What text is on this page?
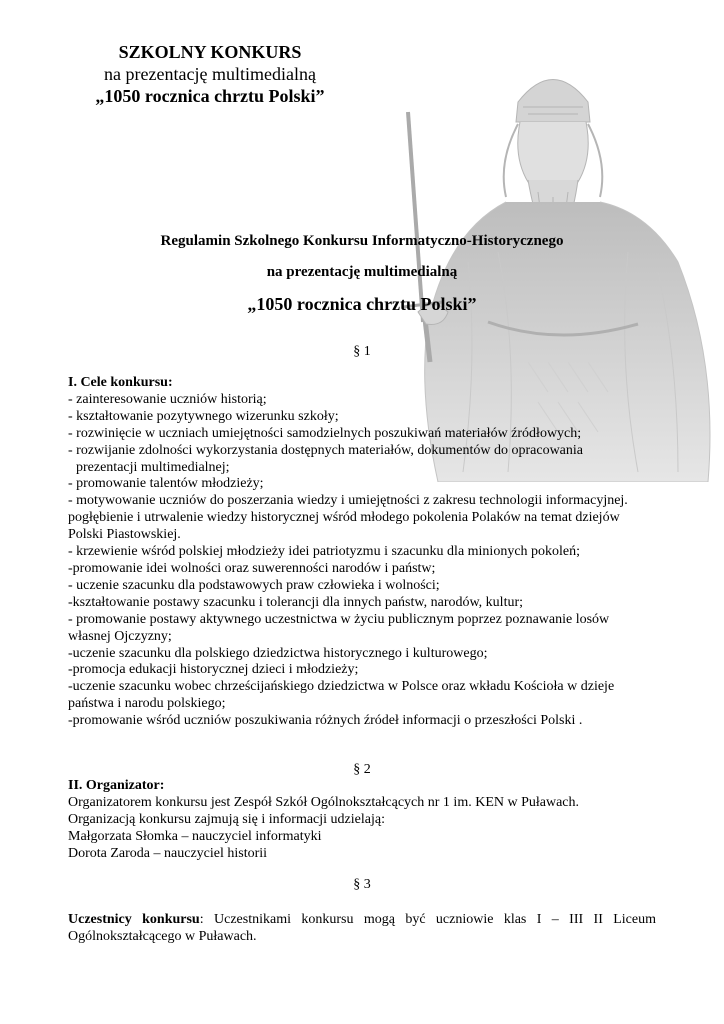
SZKOLNY KONKURS
na prezentację multimedialną
„1050 rocznica chrztu Polski”
Regulamin Szkolnego Konkursu Informatyczno-Historycznego
na prezentację multimedialną
„1050 rocznica chrztu Polski”
§ 1
I. Cele konkursu:
- zainteresowanie uczniów historią;
- kształtowanie pozytywnego wizerunku szkoły;
- rozwinięcie w uczniach umiejętności samodzielnych poszukiwań materiałów źródłowych;
- rozwijanie zdolności wykorzystania dostępnych materiałów, dokumentów do opracowania
prezentacji multimedialnej;
- promowanie talentów młodzieży;
- motywowanie uczniów do poszerzania wiedzy i umiejętności z zakresu technologii informacyjnej.
pogłębienie i utrwalenie wiedzy historycznej wśród młodego pokolenia Polaków na temat dziejów
Polski Piastowskiej.
- krzewienie wśród polskiej młodzieży idei patriotyzmu i szacunku dla minionych pokoleń;
-promowanie idei wolności oraz suwerenności narodów i państw;
- uczenie szacunku dla podstawowych praw człowieka i wolności;
-kształtowanie postawy szacunku i tolerancji dla innych państw, narodów, kultur;
- promowanie postawy aktywnego uczestnictwa w życiu publicznym poprzez poznawanie losów
własnej Ojczyzny;
-uczenie szacunku dla polskiego dziedzictwa historycznego i kulturowego;
-promocja edukacji historycznej dzieci i młodzieży;
-uczenie szacunku wobec chrześcijańskiego dziedzictwa w Polsce oraz wkładu Kościoła w dzieje
państwa i narodu polskiego;
-promowanie wśród uczniów poszukiwania różnych źródeł informacji o przeszłości Polski .
§ 2
II. Organizator:
Organizatorem konkursu jest Zespół Szkół Ogólnokształcących nr 1 im. KEN w Puławach.
Organizacją konkursu zajmują się i informacji udzielają:
Małgorzata Słomka – nauczyciel informatyki
Dorota Zaroda – nauczyciel historii
§ 3
Uczestnicy konkursu: Uczestnikami konkursu mogą być uczniowie klas I – III II Liceum Ogólnokształcącego w Puławach.
